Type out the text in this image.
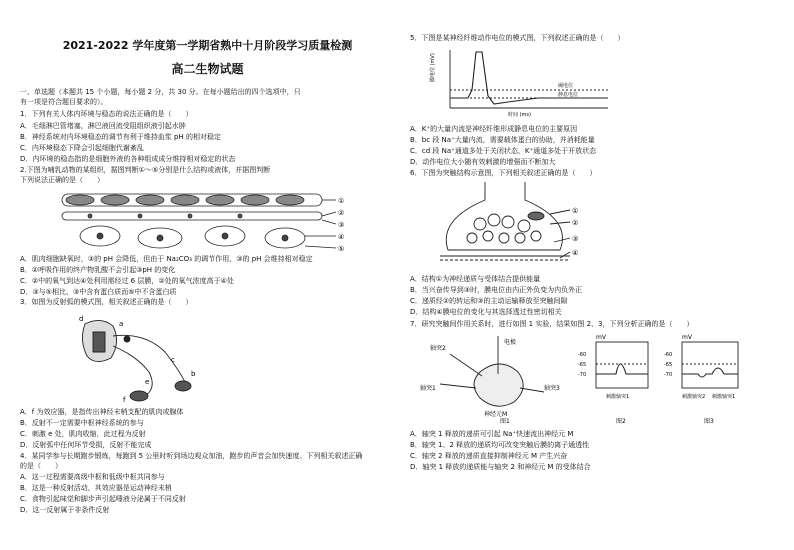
2021-2022 学年度第一学期省熟中十月阶段学习质量检测
高二生物试题
一、单选题（本题共 15 个小题，每小题 2 分，共 30 分。在每小题给出的四个选项中，只
有一项是符合题目要求的）。
1．下列有关人体内环境与稳态的说法正确的是（　　）
A．毛细淋巴管堵塞，淋巴液回流受阻组织液引起水肿
B．神经系统对内环境稳态的调节有利于维持血浆 pH 的相对稳定
C．内环境稳态下降会引起细胞代谢紊乱
D．内环境的稳态指的是细胞外液的各种组成成分维持相对稳定的状态
2.下图为哺乳动物的某组织，据图判断①～⑤分别是什么结构或液体，并据图判断
下列说法正确的是（　　）
①
②
③
④
⑤
A．肌肉细胞缺氧时，③的 pH 会降低，但由于 Na₂CO₃ 的调节作用，③的 pH 会维持相对稳定
B．②呼吸作用的终产物乳酸不会引起③pH 的变化
C．②中的氧气到达④处利用需经过 6 层膜，②处的氧气浓度高于④处
D．③与⑤相比，③中含有蛋白质而⑤中不含蛋白质
3．如图为反射弧的模式图，相关叙述正确的是（　　）
d
a
b
c
e
f
A．f 为效应器，是指传出神经末梢支配的肌肉或腺体
B．反射不一定需要中枢神经系统的参与
C．刺激 e 处，肌肉收缩，此过程为反射
D．反射弧中任何环节受损，反射不能完成
4．某同学参与长期跑步锻炼，每跑到 5 公里时听到场边观众加油，跑步的声音会加快速度。下列相关叙述正确
的是（　　）
A．这一过程需要高级中枢和低级中枢共同参与
B．这是一种反射活动，其效应器是运动神经末梢
C．食物引起味觉和脚步声引起唾液分泌属于不同反射
D．这一反射属于非条件反射
5．下图是某神经纤维动作电位的模式图，下列叙述正确的是（　　）
膜电位 (mV)
阈电位
静息电位
时间 (ms)
A．K⁺的大量内流是神经纤维形成静息电位的主要原因
B．bc 段 Na⁺大量内流，需要载体蛋白的协助，并消耗能量
C．cd 段 Na⁺通道多处于关闭状态，K⁺通道多处于开放状态
D．动作电位大小随有效刺激的增强而不断加大
6．下图为突触结构示意图，下列相关叙述正确的是（　　）
①
②
③
④
A．结构①为神经递质与受体结合提供能量
B．当兴奋传导到③时，膜电位由内正外负变为内负外正
C．递质经②的转运和③的主动运输释放至突触间隙
D．结构④膜电位的变化与其选择透过性密切相关
7．研究突触间作用关系时，进行如图 1 实验，结果如图 2、3，下列分析正确的是（　　）
轴突2
轴突1
电极
轴突3
神经元M
mV
-60
-65
-70
刺激轴突1
mV
-60
-65
-70
刺激轴突2 刺激轴突1
图1	图2	图3
A．轴突 1 释放的递质可引起 Na⁺快速流出神经元 M
B．轴突 1、2 释放的递质均可改变突触后膜的离子通透性
C．轴突 2 释放的递质直接抑制神经元 M 产生兴奋
D．轴突 1 释放的递质能与轴突 2 和神经元 M 的受体结合
